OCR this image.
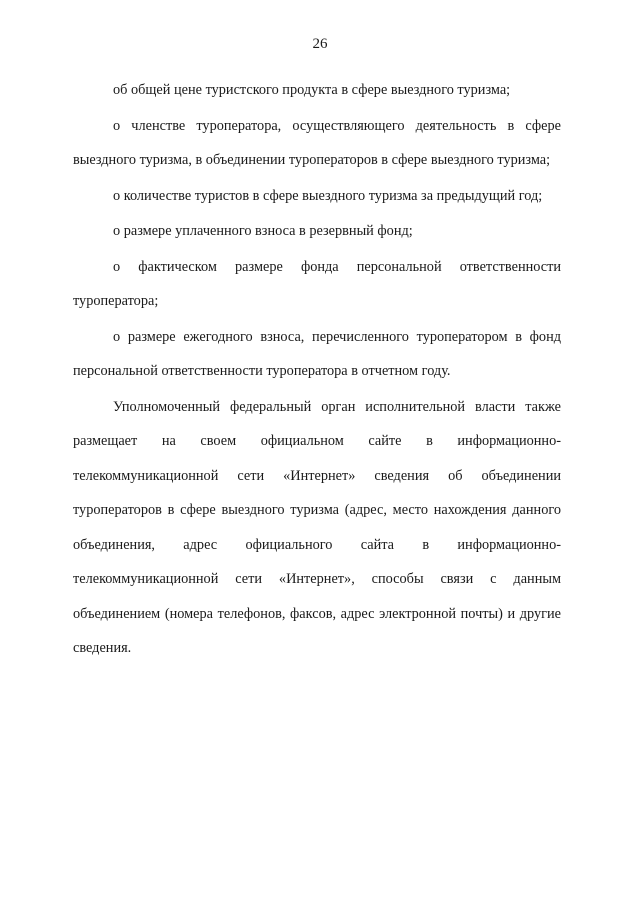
26

об общей цене туристского продукта в сфере выездного туризма;

о членстве туроператора, осуществляющего деятельность в сфере выездного туризма, в объединении туроператоров в сфере выездного туризма;

о количестве туристов в сфере выездного туризма за предыдущий год;

о размере уплаченного взноса в резервный фонд;

о фактическом размере фонда персональной ответственности туроператора;

о размере ежегодного взноса, перечисленного туроператором в фонд персональной ответственности туроператора в отчетном году.

Уполномоченный федеральный орган исполнительной власти также размещает на своем официальном сайте в информационно-телекоммуникационной сети «Интернет» сведения об объединении туроператоров в сфере выездного туризма (адрес, место нахождения данного объединения, адрес официального сайта в информационно-телекоммуникационной сети «Интернет», способы связи с данным объединением (номера телефонов, факсов, адрес электронной почты) и другие сведения.
